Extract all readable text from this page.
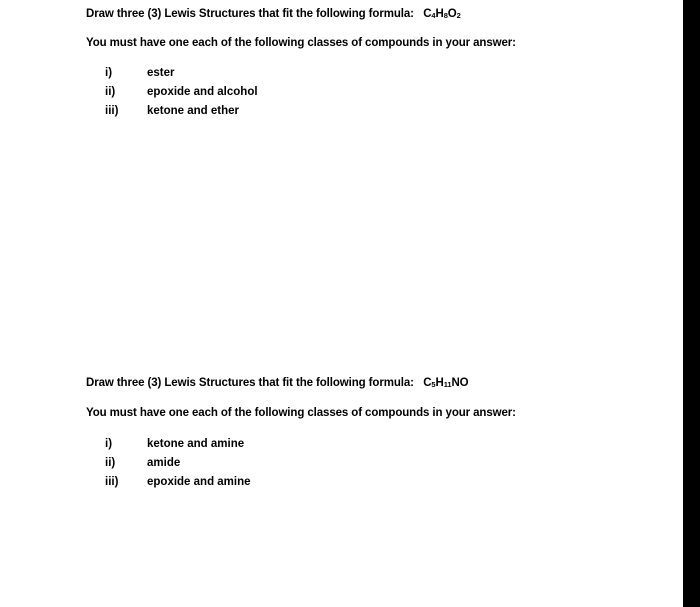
Draw three (3) Lewis Structures that fit the following formula: $C_4H_8O_2$
You must have one each of the following classes of compounds in your answer:
i)	ester
ii)	epoxide and alcohol
iii)	ketone and ether
Draw three (3) Lewis Structures that fit the following formula: $C_5H_{11}NO$
You must have one each of the following classes of compounds in your answer:
i)	ketone and amine
ii)	amide
iii)	epoxide and amine
